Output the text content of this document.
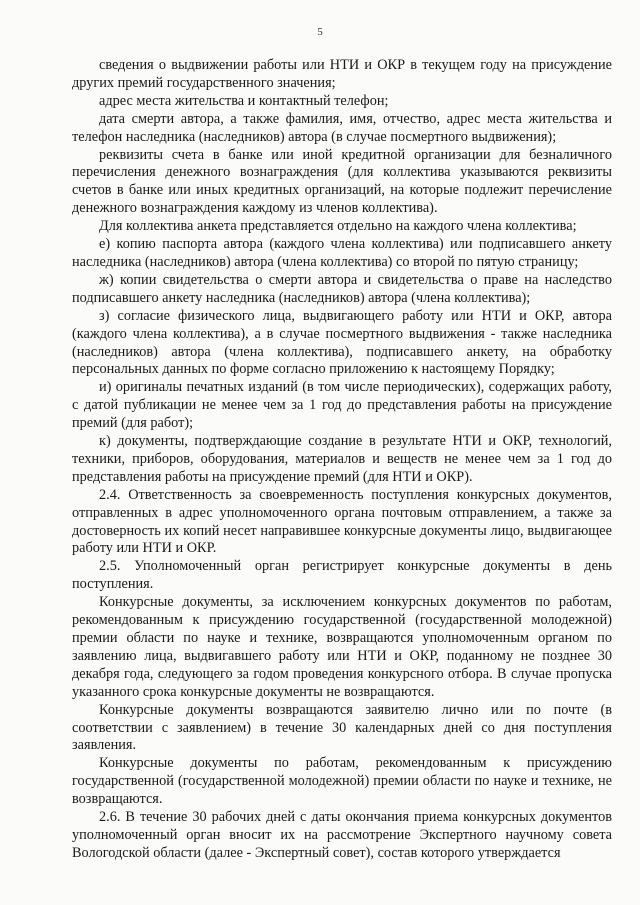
5

сведения о выдвижении работы или НТИ и ОКР в текущем году на присуждение других премий государственного значения;

адрес места жительства и контактный телефон;

дата смерти автора, а также фамилия, имя, отчество, адрес места жительства и телефон наследника (наследников) автора (в случае посмертного выдвижения);

реквизиты счета в банке или иной кредитной организации для безналичного перечисления денежного вознаграждения (для коллектива указываются реквизиты счетов в банке или иных кредитных организаций, на которые подлежит перечисление денежного вознаграждения каждому из членов коллектива).

Для коллектива анкета представляется отдельно на каждого члена коллектива;

е) копию паспорта автора (каждого члена коллектива) или подписавшего анкету наследника (наследников) автора (члена коллектива) со второй по пятую страницу;

ж) копии свидетельства о смерти автора и свидетельства о праве на наследство подписавшего анкету наследника (наследников) автора (члена коллектива);

з) согласие физического лица, выдвигающего работу или НТИ и ОКР, автора (каждого члена коллектива), а в случае посмертного выдвижения - также наследника (наследников) автора (члена коллектива), подписавшего анкету, на обработку персональных данных по форме согласно приложению к настоящему Порядку;

и) оригиналы печатных изданий (в том числе периодических), содержащих работу, с датой публикации не менее чем за 1 год до представления работы на присуждение премий (для работ);

к) документы, подтверждающие создание в результате НТИ и ОКР, технологий, техники, приборов, оборудования, материалов и веществ не менее чем за 1 год до представления работы на присуждение премий (для НТИ и ОКР).

2.4. Ответственность за своевременность поступления конкурсных документов, отправленных в адрес уполномоченного органа почтовым отправлением, а также за достоверность их копий несет направившее конкурсные документы лицо, выдвигающее работу или НТИ и ОКР.

2.5. Уполномоченный орган регистрирует конкурсные документы в день поступления.

Конкурсные документы, за исключением конкурсных документов по работам, рекомендованным к присуждению государственной (государственной молодежной) премии области по науке и технике, возвращаются уполномоченным органом по заявлению лица, выдвигавшего работу или НТИ и ОКР, поданному не позднее 30 декабря года, следующего за годом проведения конкурсного отбора. В случае пропуска указанного срока конкурсные документы не возвращаются.

Конкурсные документы возвращаются заявителю лично или по почте (в соответствии с заявлением) в течение 30 календарных дней со дня поступления заявления.

Конкурсные документы по работам, рекомендованным к присуждению государственной (государственной молодежной) премии области по науке и технике, не возвращаются.

2.6. В течение 30 рабочих дней с даты окончания приема конкурсных документов уполномоченный орган вносит их на рассмотрение Экспертного научному совета Вологодской области (далее - Экспертный совет), состав которого утверждается
